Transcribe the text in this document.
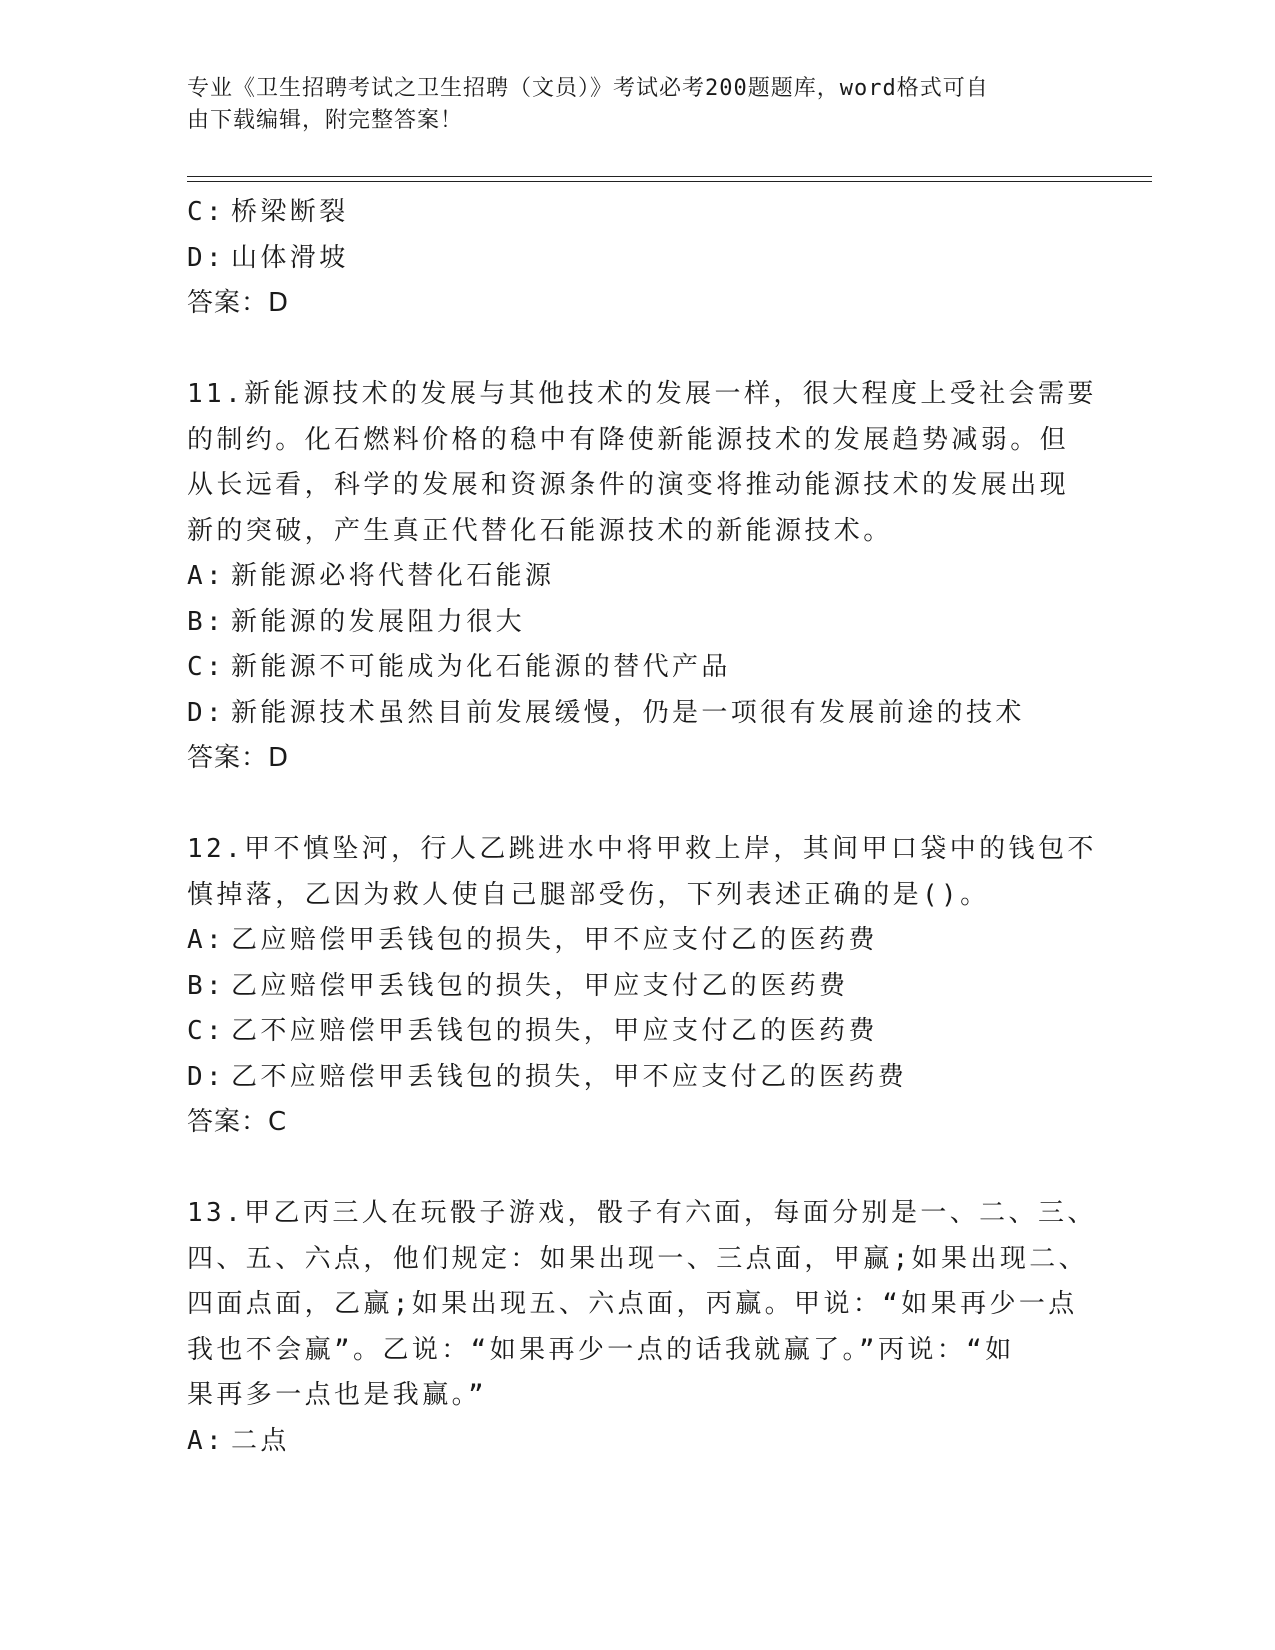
专业《卫生招聘考试之卫生招聘（文员）》考试必考200题题库，word格式可自
由下载编辑，附完整答案！
C: 桥梁断裂
D: 山体滑坡
答案：D
11.新能源技术的发展与其他技术的发展一样，很大程度上受社会需要
的制约。化石燃料价格的稳中有降使新能源技术的发展趋势减弱。但
从长远看，科学的发展和资源条件的演变将推动能源技术的发展出现
新的突破，产生真正代替化石能源技术的新能源技术。
A: 新能源必将代替化石能源
B: 新能源的发展阻力很大
C: 新能源不可能成为化石能源的替代产品
D: 新能源技术虽然目前发展缓慢，仍是一项很有发展前途的技术
答案：D
12.甲不慎坠河，行人乙跳进水中将甲救上岸，其间甲口袋中的钱包不
慎掉落，乙因为救人使自己腿部受伤，下列表述正确的是()。
A: 乙应赔偿甲丢钱包的损失，甲不应支付乙的医药费
B: 乙应赔偿甲丢钱包的损失，甲应支付乙的医药费
C: 乙不应赔偿甲丢钱包的损失，甲应支付乙的医药费
D: 乙不应赔偿甲丢钱包的损失，甲不应支付乙的医药费
答案：C
13.甲乙丙三人在玩骰子游戏，骰子有六面，每面分别是一、二、三、
四、五、六点，他们规定：如果出现一、三点面，甲赢;如果出现二、
四面点面，乙赢;如果出现五、六点面，丙赢。甲说：“如果再少一点
我也不会赢”。乙说：“如果再少一点的话我就赢了。”丙说：“如
果再多一点也是我赢。”
A: 二点
